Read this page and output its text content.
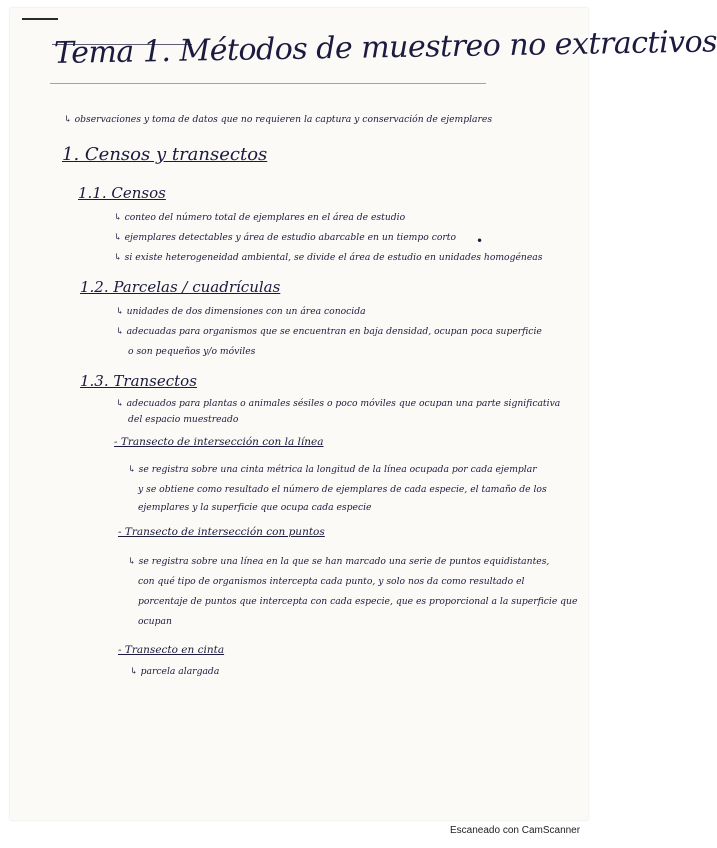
Tema 1. Métodos de muestreo no extractivos
↳ observaciones y toma de datos que no requieren la captura y conservación de ejemplares
1. Censos y transectos
1.1. Censos
↳ conteo del número total de ejemplares en el área de estudio
↳ ejemplares detectables y área de estudio abarcable en un tiempo corto •
↳ si existe heterogeneidad ambiental, se divide el área de estudio en unidades homogéneas
1.2. Parcelas / cuadrículas
↳ unidades de dos dimensiones con un área conocida
↳ adecuadas para organismos que se encuentran en baja densidad, ocupan poca superficie
o son pequeños y/o móviles
1.3. Transectos
↳ adecuados para plantas o animales sésiles o poco móviles que ocupan una parte significativa
del espacio muestreado
- Transecto de intersección con la línea
↳ se registra sobre una cinta métrica la longitud de la línea ocupada por cada ejemplar
y se obtiene como resultado el número de ejemplares de cada especie, el tamaño de los
ejemplares y la superficie que ocupa cada especie
- Transecto de intersección con puntos
↳ se registra sobre una línea en la que se han marcado una serie de puntos equidistantes,
con qué tipo de organismos intercepta cada punto, y solo nos da como resultado el
porcentaje de puntos que intercepta con cada especie, que es proporcional a la superficie que
ocupan
- Transecto en cinta
↳ parcela alargada
Escaneado con CamScanner
